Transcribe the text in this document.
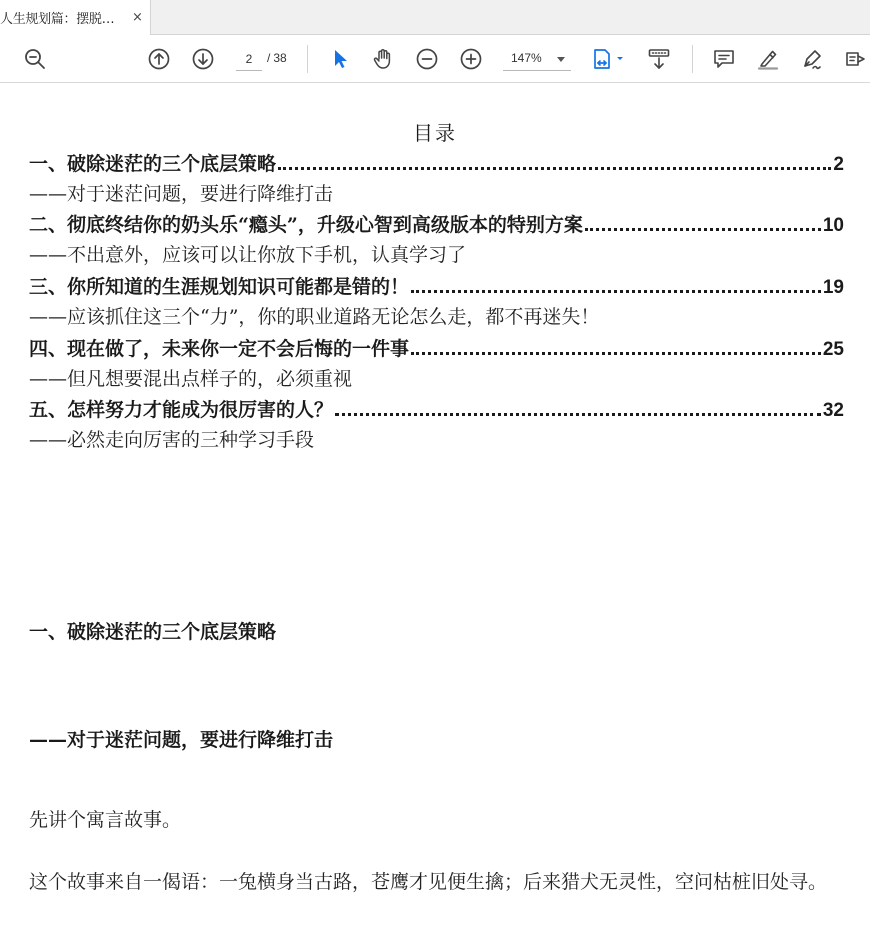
人生规划篇：摆脱…	×
2
/ 38	147%
目录
一、破除迷茫的三个底层策略	2
——对于迷茫问题，要进行降维打击
二、彻底终结你的奶头乐“瘾头”，升级心智到高级版本的特别方案	10
——不出意外，应该可以让你放下手机，认真学习了
三、你所知道的生涯规划知识可能都是错的！	19
——应该抓住这三个“力”，你的职业道路无论怎么走，都不再迷失！
四、现在做了，未来你一定不会后悔的一件事	25
——但凡想要混出点样子的，必须重视
五、怎样努力才能成为很厉害的人？	32
——必然走向厉害的三种学习手段
一、破除迷茫的三个底层策略
——对于迷茫问题，要进行降维打击
先讲个寓言故事。
这个故事来自一偈语：一兔横身当古路，苍鹰才见便生擒；后来猎犬无灵性，空问枯桩旧处寻。
